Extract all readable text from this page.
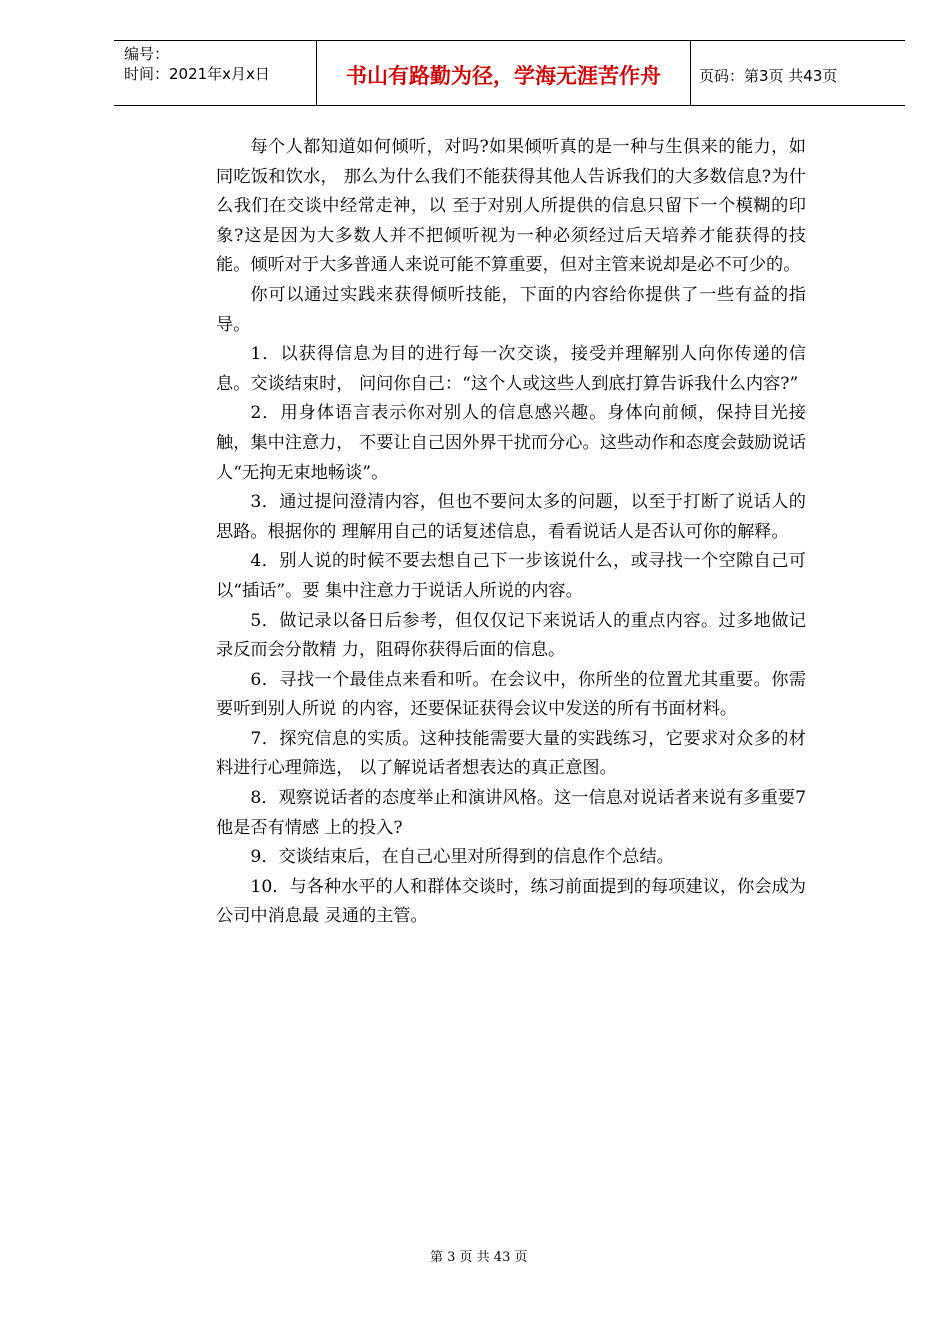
编号：
时间：2021年x月x日	书山有路勤为径，学海无涯苦作舟	页码：第3页 共43页

每个人都知道如何倾听，对吗?如果倾听真的是一种与生俱来的能力，如同吃饭和饮水， 那么为什么我们不能获得其他人告诉我们的大多数信息?为什么我们在交谈中经常走神，以 至于对别人所提供的信息只留下一个模糊的印象?这是因为大多数人并不把倾听视为一种必须经过后天培养才能获得的技能。倾听对于大多普通人来说可能不算重要，但对主管来说却是必不可少的。

你可以通过实践来获得倾听技能，下面的内容给你提供了一些有益的指导。

1．以获得信息为目的进行每一次交谈，接受并理解别人向你传递的信息。交谈结束时， 问问你自己：“这个人或这些人到底打算告诉我什么内容?”

2．用身体语言表示你对别人的信息感兴趣。身体向前倾，保持目光接触，集中注意力， 不要让自己因外界干扰而分心。这些动作和态度会鼓励说话人“无拘无束地畅谈”。

3．通过提问澄清内容，但也不要问太多的问题，以至于打断了说话人的思路。根据你的 理解用自己的话复述信息，看看说话人是否认可你的解释。

4．别人说的时候不要去想自己下一步该说什么，或寻找一个空隙自己可以“插话”。要 集中注意力于说话人所说的内容。

5．做记录以备日后参考，但仅仅记下来说话人的重点内容。过多地做记录反而会分散精 力，阻碍你获得后面的信息。

6．寻找一个最佳点来看和听。在会议中，你所坐的位置尤其重要。你需要听到别人所说 的内容，还要保证获得会议中发送的所有书面材料。

7．探究信息的实质。这种技能需要大量的实践练习，它要求对众多的材料进行心理筛选， 以了解说话者想表达的真正意图。

8．观察说话者的态度举止和演讲风格。这一信息对说话者来说有多重要7他是否有情感 上的投入?

9．交谈结束后，在自己心里对所得到的信息作个总结。

10．与各种水平的人和群体交谈时，练习前面提到的每项建议，你会成为公司中消息最 灵通的主管。

第 3 页 共 43 页
